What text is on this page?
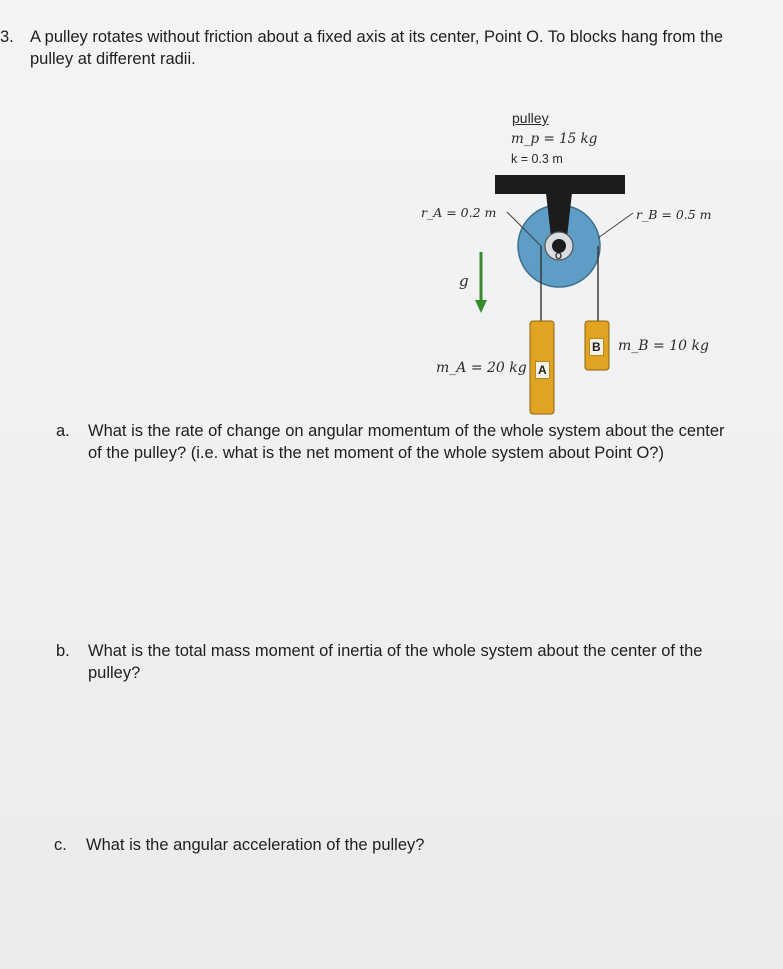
3. A pulley rotates without friction about a fixed axis at its center, Point O. To blocks hang from the pulley at different radii.
pulley
m_p = 15 kg
k = 0.3 m
r_A = 0.2 m	r_B = 0.5 m
g
O
m_A = 20 kg
m_B = 10 kg
A
B
a. What is the rate of change on angular momentum of the whole system about the center of the pulley? (i.e. what is the net moment of the whole system about Point O?)
b. What is the total mass moment of inertia of the whole system about the center of the pulley?
c. What is the angular acceleration of the pulley?
